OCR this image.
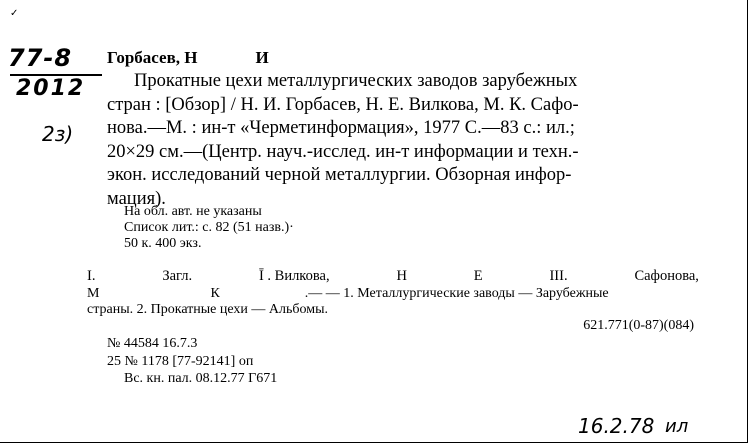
✓
77-8
2012
2з)
Горбасев, Н	И
Прокатные цехи металлургических заводов зарубежных
стран : [Обзор] / Н. И. Горбасев, Н. Е. Вилкова, М. К. Сафо-
нова.—М. : ин-т «Черметинформация», 1977 С.—83 с.: ил.;
20×29 см.—(Центр. науч.-исслед. ин-т информации и техн.-
экон. исследований черной металлургии. Обзорная инфор-
мация).
На обл. авт. не указаны
Список лит.: с. 82 (51 назв.)·
50 к. 400 экз.
I.	Загл.	Ī . Вилкова,	Н	Е	III.	Сафонова,
М	К	.— — 1. Металлургические заводы — Зарубежные
страны. 2. Прокатные цехи — Альбомы.
621.771(0-87)(084)
№ 44584 16.7.3
25 № 1178 [77-92141] оп
Вс. кн. пал. 08.12.77 Г671
16.2.78 ил
